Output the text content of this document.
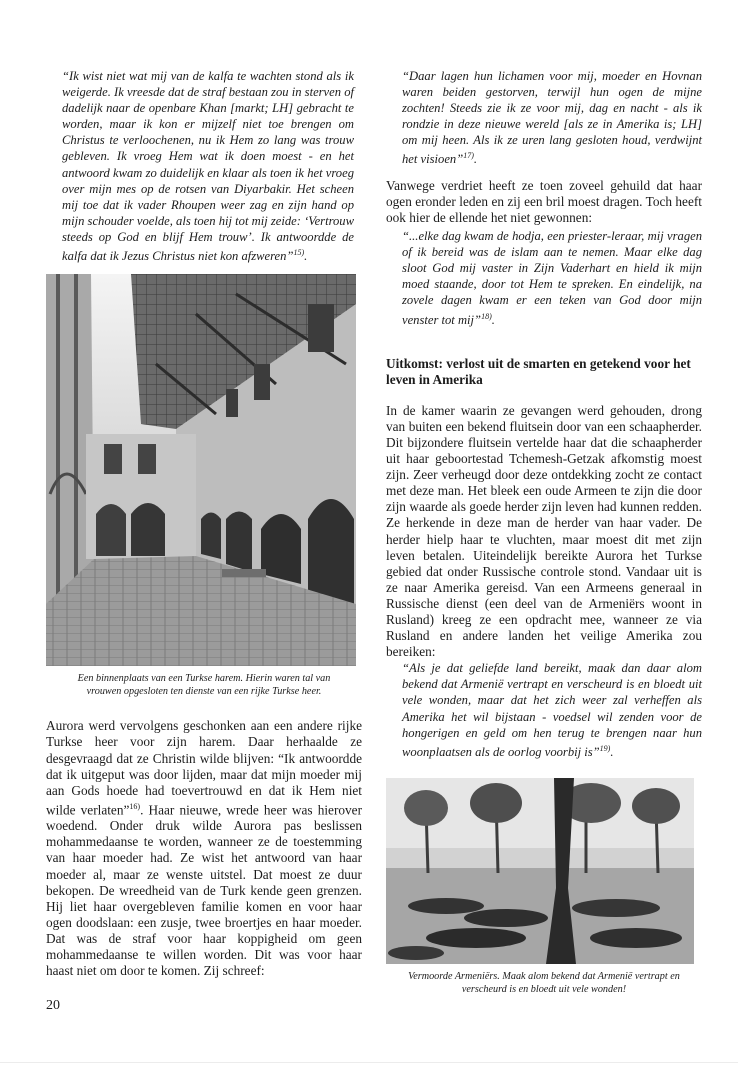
“Ik wist niet wat mij van de kalfa te wachten stond als ik weigerde. Ik vreesde dat de straf bestaan zou in sterven of dadelijk naar de openbare Khan [markt; LH] gebracht te worden, maar ik kon er mijzelf niet toe brengen om Christus te verloochenen, nu ik Hem zo lang was trouw gebleven. Ik vroeg Hem wat ik doen moest - en het antwoord kwam zo duidelijk en klaar als toen ik het vroeg over mijn mes op de rotsen van Diyarbakir. Het scheen mij toe dat ik vader Rhoupen weer zag en zijn hand op mijn schouder voelde, als toen hij tot mij zeide: ‘Vertrouw steeds op God en blijf Hem trouw’. Ik antwoordde de kalfa dat ik Jezus Christus niet kon afzweren”$^{15)}$.

Een binnenplaats van een Turkse harem. Hierin waren tal van vrouwen opgesloten ten dienste van een rijke Turkse heer.

Aurora werd vervolgens geschonken aan een andere rijke Turkse heer voor zijn harem. Daar herhaalde ze desgevraagd dat ze Christin wilde blijven: “Ik antwoordde dat ik uitgeput was door lijden, maar dat mijn moeder mij aan Gods hoede had toevertrouwd en dat ik Hem niet wilde verlaten”$^{16)}$. Haar nieuwe, wrede heer was hierover woedend. Onder druk wilde Aurora pas beslissen mohammedaanse te worden, wanneer ze de toestemming van haar moeder had. Ze wist het antwoord van haar moeder al, maar ze wenste uitstel. Dat moest ze duur bekopen. De wreedheid van de Turk kende geen grenzen. Hij liet haar overgebleven familie komen en voor haar ogen doodslaan: een zusje, twee broertjes en haar moeder. Dat was de straf voor haar koppigheid om geen mohammedaanse te willen worden. Dit was voor haar haast niet om door te komen. Zij schreef:

“Daar lagen hun lichamen voor mij, moeder en Hovnan waren beiden gestorven, terwijl hun ogen de mijne zochten! Steeds zie ik ze voor mij, dag en nacht - als ik rondzie in deze nieuwe wereld [als ze in Amerika is; LH] om mij heen. Als ik ze uren lang gesloten houd, verdwijnt het visioen”$^{17)}$.

Vanwege verdriet heeft ze toen zoveel gehuild dat haar ogen eronder leden en zij een bril moest dragen. Toch heeft ook hier de ellende het niet gewonnen:

“...elke dag kwam de hodja, een priester-leraar, mij vragen of ik bereid was de islam aan te nemen. Maar elke dag sloot God mij vaster in Zijn Vaderhart en hield ik mijn moed staande, door tot Hem te spreken. En eindelijk, na zovele dagen kwam er een teken van God door mijn venster tot mij”$^{18)}$.

Uitkomst: verlost uit de smarten en getekend voor het leven in Amerika

In de kamer waarin ze gevangen werd gehouden, drong van buiten een bekend fluitsein door van een schaapherder. Dit bijzondere fluitsein vertelde haar dat die schaapherder uit haar geboortestad Tchemesh-Getzak afkomstig moest zijn. Zeer verheugd door deze ontdekking zocht ze contact met deze man. Het bleek een oude Armeen te zijn die door zijn waarde als goede herder zijn leven had kunnen redden. Ze herkende in deze man de herder van haar vader. De herder hielp haar te vluchten, maar moest dit met zijn leven betalen. Uiteindelijk bereikte Aurora het Turkse gebied dat onder Russische controle stond. Vandaar uit is ze naar Amerika gereisd. Van een Armeens generaal in Russische dienst (een deel van de Armeniërs woont in Rusland) kreeg ze een opdracht mee, wanneer ze via Rusland en andere landen het veilige Amerika zou bereiken:

“Als je dat geliefde land bereikt, maak dan daar alom bekend dat Armenië vertrapt en verscheurd is en bloedt uit vele wonden, maar dat het zich weer zal verheffen als Amerika het wil bijstaan - voedsel wil zenden voor de hongerigen en geld om hen terug te brengen naar hun woonplaatsen als de oorlog voorbij is”$^{19)}$.

Vermoorde Armeniërs. Maak alom bekend dat Armenië vertrapt en verscheurd is en bloedt uit vele wonden!

20
